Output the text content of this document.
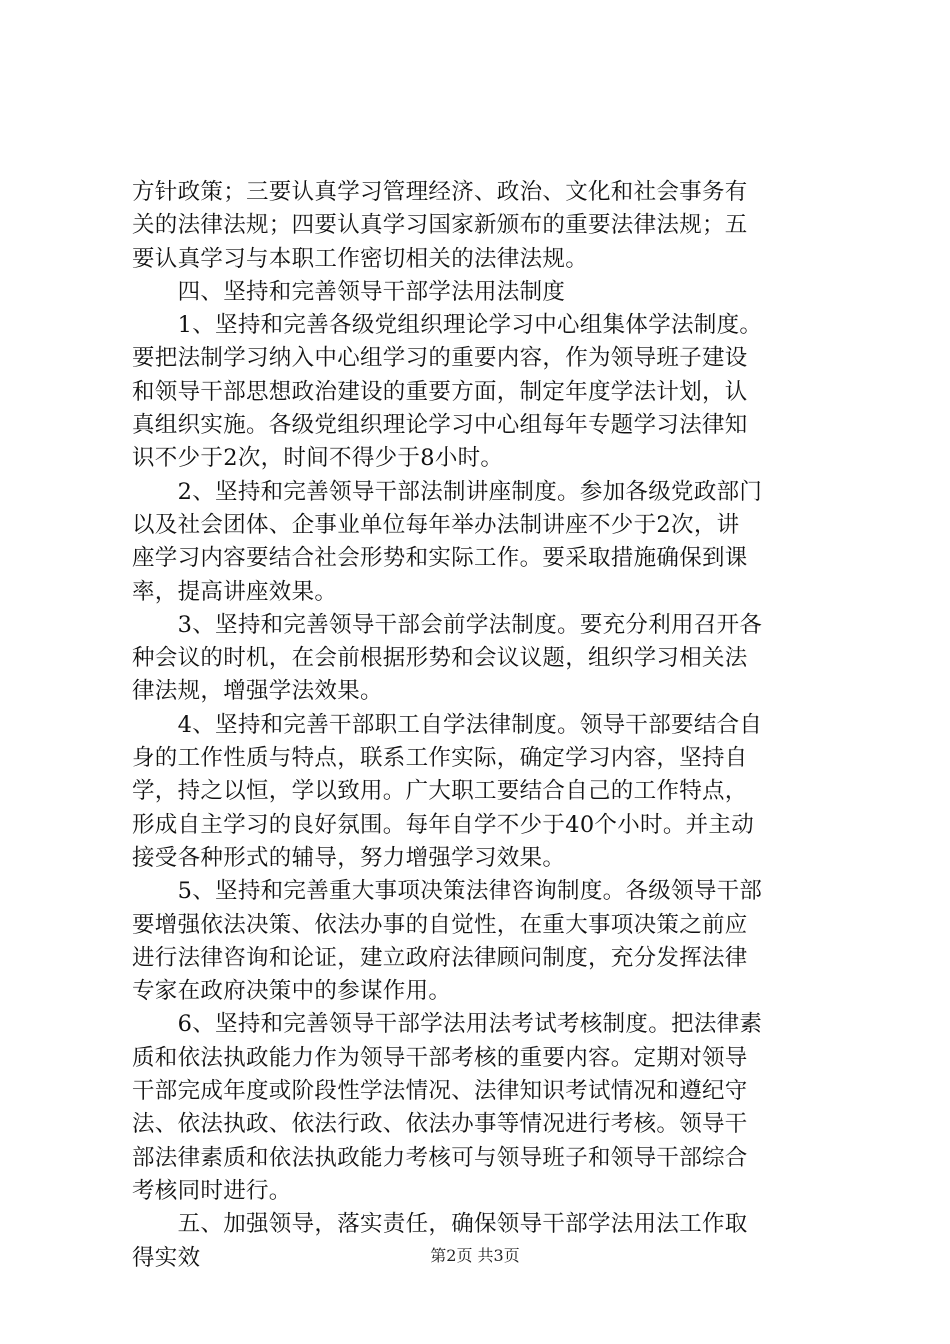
方针政策；三要认真学习管理经济、政治、文化和社会事务有
关的法律法规；四要认真学习国家新颁布的重要法律法规；五
要认真学习与本职工作密切相关的法律法规。
　　四、坚持和完善领导干部学法用法制度
　　1、坚持和完善各级党组织理论学习中心组集体学法制度。
要把法制学习纳入中心组学习的重要内容，作为领导班子建设
和领导干部思想政治建设的重要方面，制定年度学法计划，认
真组织实施。各级党组织理论学习中心组每年专题学习法律知
识不少于2次，时间不得少于8小时。
　　2、坚持和完善领导干部法制讲座制度。参加各级党政部门
以及社会团体、企事业单位每年举办法制讲座不少于2次，讲
座学习内容要结合社会形势和实际工作。要采取措施确保到课
率，提高讲座效果。
　　3、坚持和完善领导干部会前学法制度。要充分利用召开各
种会议的时机，在会前根据形势和会议议题，组织学习相关法
律法规，增强学法效果。
　　4、坚持和完善干部职工自学法律制度。领导干部要结合自
身的工作性质与特点，联系工作实际，确定学习内容，坚持自
学，持之以恒，学以致用。广大职工要结合自己的工作特点，
形成自主学习的良好氛围。每年自学不少于40个小时。并主动
接受各种形式的辅导，努力增强学习效果。
　　5、坚持和完善重大事项决策法律咨询制度。各级领导干部
要增强依法决策、依法办事的自觉性，在重大事项决策之前应
进行法律咨询和论证，建立政府法律顾问制度，充分发挥法律
专家在政府决策中的参谋作用。
　　6、坚持和完善领导干部学法用法考试考核制度。把法律素
质和依法执政能力作为领导干部考核的重要内容。定期对领导
干部完成年度或阶段性学法情况、法律知识考试情况和遵纪守
法、依法执政、依法行政、依法办事等情况进行考核。领导干
部法律素质和依法执政能力考核可与领导班子和领导干部综合
考核同时进行。
　　五、加强领导，落实责任，确保领导干部学法用法工作取
得实效	第2页 共3页
